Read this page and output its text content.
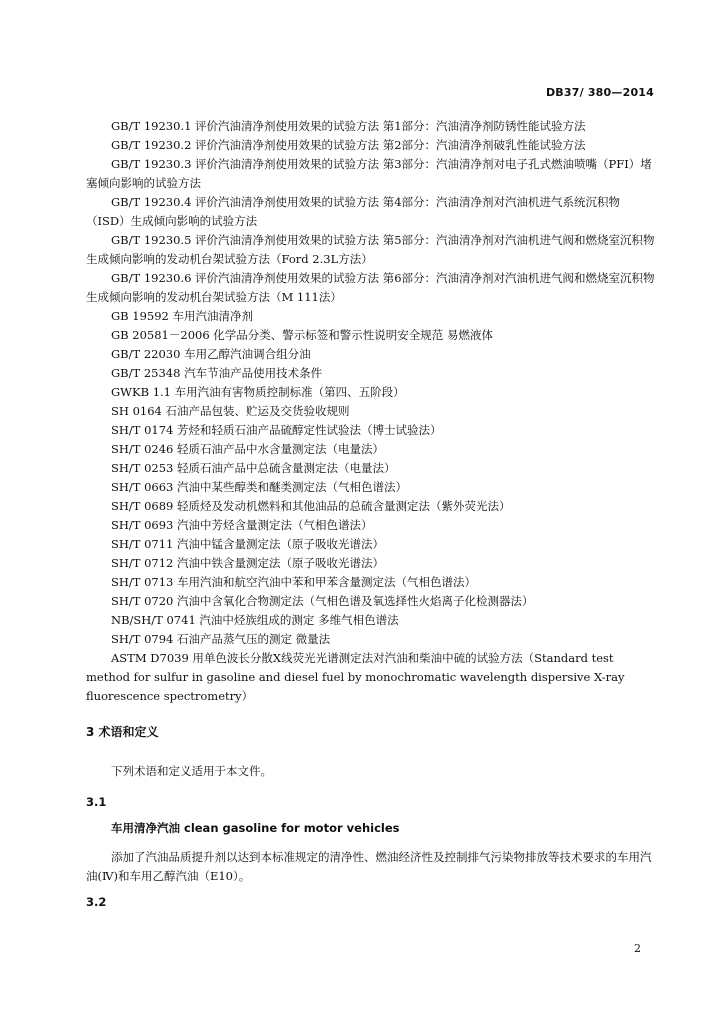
DB37/ 380—2014
GB/T 19230.1 评价汽油清净剂使用效果的试验方法 第1部分：汽油清净剂防锈性能试验方法
GB/T 19230.2 评价汽油清净剂使用效果的试验方法 第2部分：汽油清净剂破乳性能试验方法
GB/T 19230.3 评价汽油清净剂使用效果的试验方法 第3部分：汽油清净剂对电子孔式燃油喷嘴（PFI）堵塞倾向影响的试验方法
GB/T 19230.4 评价汽油清净剂使用效果的试验方法 第4部分：汽油清净剂对汽油机进气系统沉积物（ISD）生成倾向影响的试验方法
GB/T 19230.5 评价汽油清净剂使用效果的试验方法 第5部分：汽油清净剂对汽油机进气阀和燃烧室沉积物生成倾向影响的发动机台架试验方法（Ford 2.3L方法）
GB/T 19230.6 评价汽油清净剂使用效果的试验方法 第6部分：汽油清净剂对汽油机进气阀和燃烧室沉积物生成倾向影响的发动机台架试验方法（M 111法）
GB 19592 车用汽油清净剂
GB 20581－2006 化学品分类、警示标签和警示性说明安全规范 易燃液体
GB/T 22030 车用乙醇汽油调合组分油
GB/T 25348 汽车节油产品使用技术条件
GWKB 1.1 车用汽油有害物质控制标准（第四、五阶段）
SH 0164 石油产品包装、贮运及交货验收规则
SH/T 0174 芳烃和轻质石油产品硫醇定性试验法（博士试验法）
SH/T 0246 轻质石油产品中水含量测定法（电量法）
SH/T 0253 轻质石油产品中总硫含量测定法（电量法）
SH/T 0663 汽油中某些醇类和醚类测定法（气相色谱法）
SH/T 0689 轻质烃及发动机燃料和其他油品的总硫含量测定法（紫外荧光法）
SH/T 0693 汽油中芳烃含量测定法（气相色谱法）
SH/T 0711 汽油中锰含量测定法（原子吸收光谱法）
SH/T 0712 汽油中铁含量测定法（原子吸收光谱法）
SH/T 0713 车用汽油和航空汽油中苯和甲苯含量测定法（气相色谱法）
SH/T 0720 汽油中含氧化合物测定法（气相色谱及氧选择性火焰离子化检测器法）
NB/SH/T 0741 汽油中烃族组成的测定 多维气相色谱法
SH/T 0794 石油产品蒸气压的测定 微量法
ASTM D7039 用单色波长分散X线荧光光谱测定法对汽油和柴油中硫的试验方法（Standard test method for sulfur in gasoline and diesel fuel by monochromatic wavelength dispersive X-ray fluorescence spectrometry）
3 术语和定义
下列术语和定义适用于本文件。
3.1
车用清净汽油 clean gasoline for motor vehicles
添加了汽油品质提升剂以达到本标准规定的清净性、燃油经济性及控制排气污染物排放等技术要求的车用汽油(Ⅳ)和车用乙醇汽油（E10）。
3.2
2
